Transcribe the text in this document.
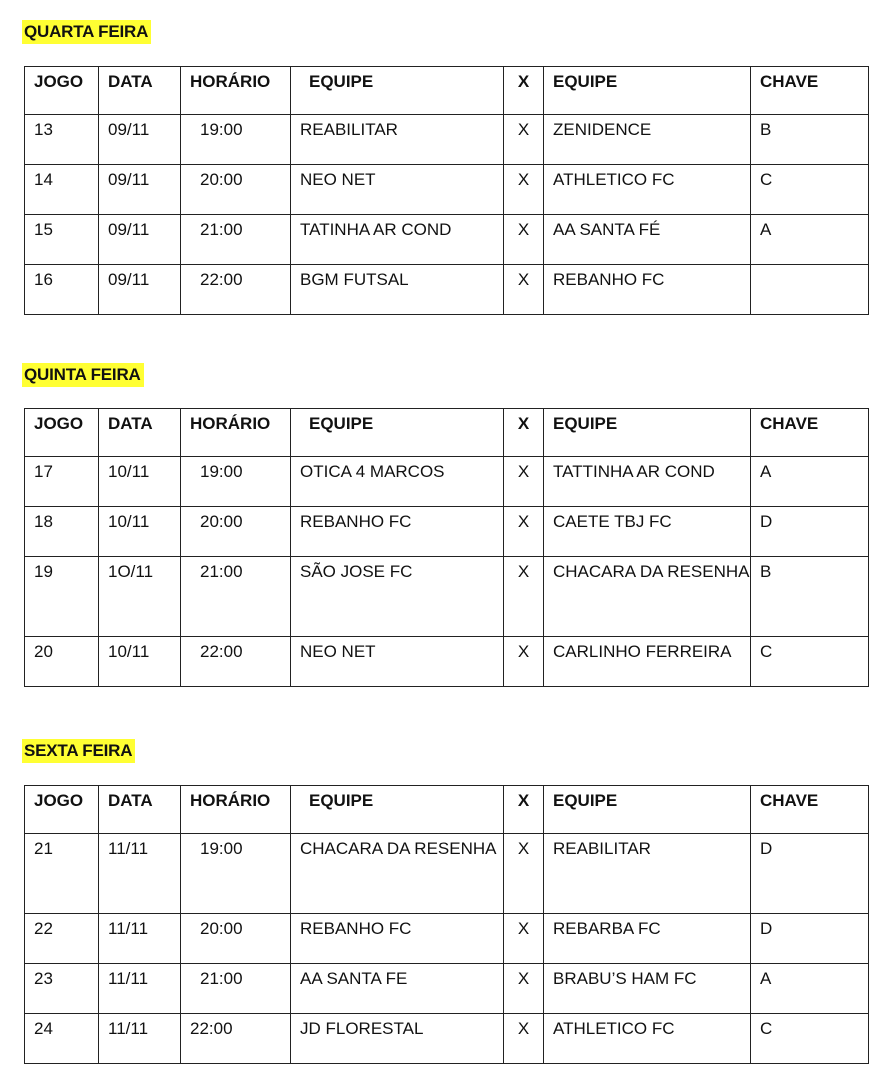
QUARTA FEIRA
JOGO	DATA	HORÁRIO	EQUIPE	X	EQUIPE	CHAVE
13	09/11	19:00	REABILITAR	X	ZENIDENCE	B
14	09/11	20:00	NEO NET	X	ATHLETICO FC	C
15	09/11	21:00	TATINHA AR COND	X	AA SANTA FÉ	A
16	09/11	22:00	BGM FUTSAL	X	REBANHO FC	
QUINTA FEIRA
JOGO	DATA	HORÁRIO	EQUIPE	X	EQUIPE	CHAVE
17	10/11	19:00	OTICA 4 MARCOS	X	TATTINHA AR COND	A
18	10/11	20:00	REBANHO FC	X	CAETE TBJ FC	D
19	1O/11	21:00	SÃO JOSE FC	X	CHACARA DA RESENHA	B
20	10/11	22:00	NEO NET	X	CARLINHO FERREIRA	C
SEXTA FEIRA
JOGO	DATA	HORÁRIO	EQUIPE	X	EQUIPE	CHAVE
21	11/11	19:00	CHACARA DA RESENHA	X	REABILITAR	D
22	11/11	20:00	REBANHO FC	X	REBARBA FC	D
23	11/11	21:00	AA SANTA FE	X	BRABU’S HAM FC	A
24	11/11	22:00	JD FLORESTAL	X	ATHLETICO FC	C
